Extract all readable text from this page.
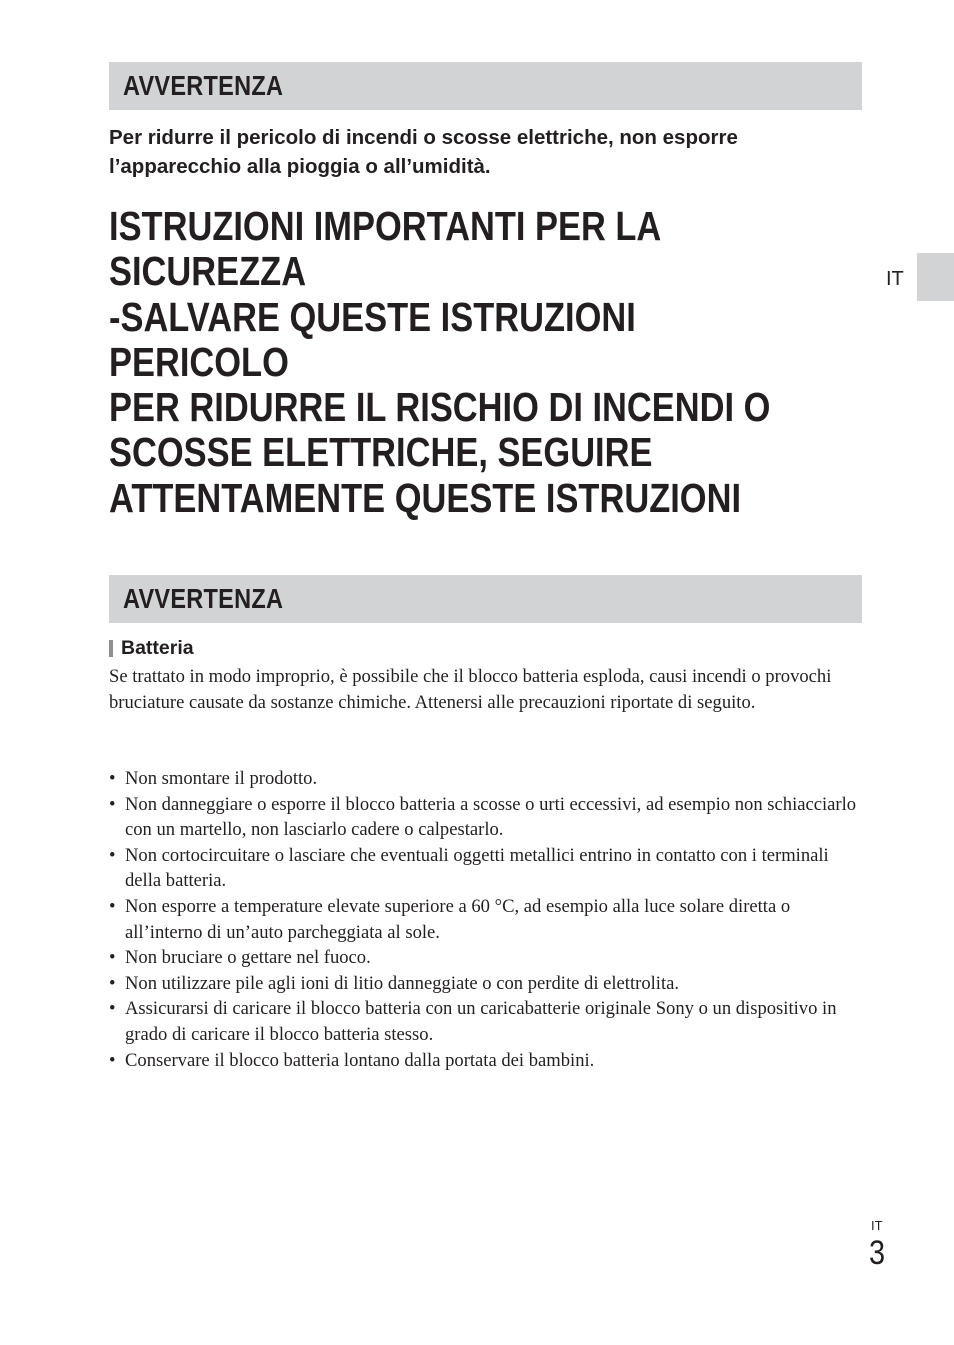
AVVERTENZA
Per ridurre il pericolo di incendi o scosse elettriche, non esporre
l’apparecchio alla pioggia o all’umidità.
ISTRUZIONI IMPORTANTI PER LA
SICUREZZA
-SALVARE QUESTE ISTRUZIONI
PERICOLO
PER RIDURRE IL RISCHIO DI INCENDI O
SCOSSE ELETTRICHE, SEGUIRE
ATTENTAMENTE QUESTE ISTRUZIONI
IT
AVVERTENZA
Batteria
Se trattato in modo improprio, è possibile che il blocco batteria esploda, causi incendi o provochi bruciature causate da sostanze chimiche. Attenersi alle precauzioni riportate di seguito.
• Non smontare il prodotto.
• Non danneggiare o esporre il blocco batteria a scosse o urti eccessivi, ad esempio non schiacciarlo con un martello, non lasciarlo cadere o calpestarlo.
• Non cortocircuitare o lasciare che eventuali oggetti metallici entrino in contatto con i terminali della batteria.
• Non esporre a temperature elevate superiore a 60 °C, ad esempio alla luce solare diretta o all’interno di un’auto parcheggiata al sole.
• Non bruciare o gettare nel fuoco.
• Non utilizzare pile agli ioni di litio danneggiate o con perdite di elettrolita.
• Assicurarsi di caricare il blocco batteria con un caricabatterie originale Sony o un dispositivo in grado di caricare il blocco batteria stesso.
• Conservare il blocco batteria lontano dalla portata dei bambini.
IT
3
